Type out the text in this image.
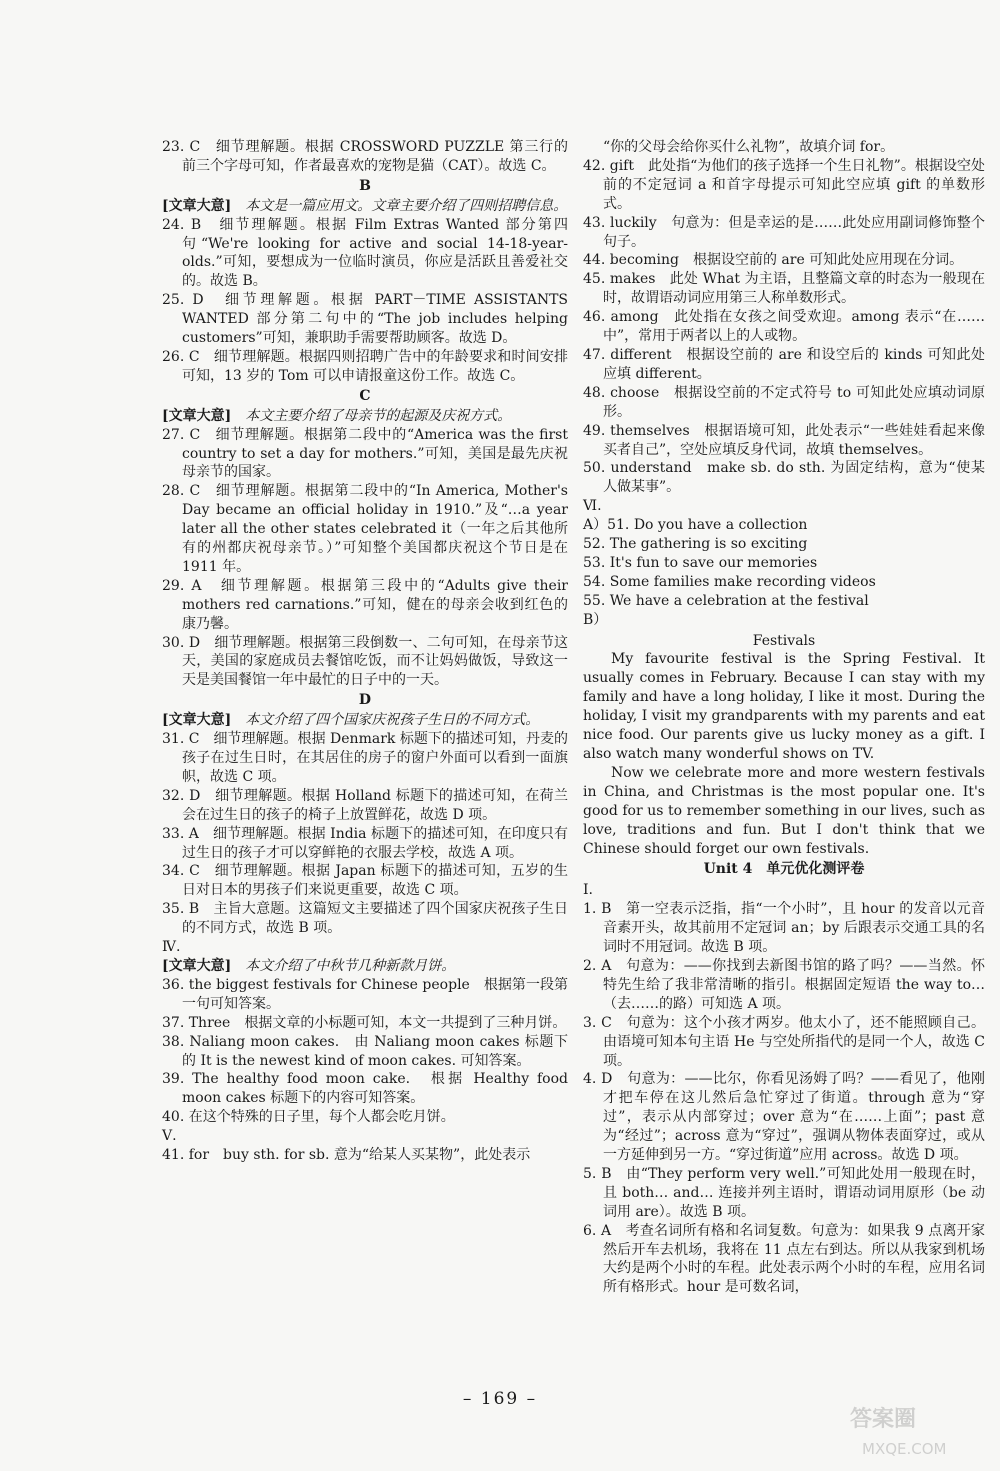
23. C　细节理解题。根据 CROSSWORD PUZZLE 第三行的前三个字母可知，作者最喜欢的宠物是猫（CAT）。故选 C。

B

[文章大意]　 本文是一篇应用文。文章主要介绍了四则招聘信息。

24. B　细节理解题。根据 Film Extras Wanted 部分第四句“We're looking for active and social 14-18-year-olds.”可知，要想成为一位临时演员，你应是活跃且善爱社交的。故选 B。

25. D　细节理解题。根据 PART－TIME ASSISTANTS WANTED 部分第二句中的“The job includes helping customers”可知，兼职助手需要帮助顾客。故选 D。

26. C　细节理解题。根据四则招聘广告中的年龄要求和时间安排可知，13 岁的 Tom 可以申请报童这份工作。故选 C。

C

[文章大意]　 本文主要介绍了母亲节的起源及庆祝方式。

27. C　细节理解题。根据第二段中的“America was the first country to set a day for mothers.”可知，美国是最先庆祝母亲节的国家。

28. C　细节理解题。根据第二段中的“In America, Mother's Day became an official holiday in 1910.”及“…a year later all the other states celebrated it（一年之后其他所有的州都庆祝母亲节。）”可知整个美国都庆祝这个节日是在 1911 年。

29. A　细节理解题。根据第三段中的“Adults give their mothers red carnations.”可知，健在的母亲会收到红色的康乃馨。

30. D　细节理解题。根据第三段倒数一、二句可知，在母亲节这天，美国的家庭成员去餐馆吃饭，而不让妈妈做饭，导致这一天是美国餐馆一年中最忙的日子中的一天。

D

[文章大意]　 本文介绍了四个国家庆祝孩子生日的不同方式。

31. C　细节理解题。根据 Denmark 标题下的描述可知，丹麦的孩子在过生日时，在其居住的房子的窗户外面可以看到一面旗帜，故选 C 项。

32. D　细节理解题。根据 Holland 标题下的描述可知，在荷兰会在过生日的孩子的椅子上放置鲜花，故选 D 项。

33. A　细节理解题。根据 India 标题下的描述可知，在印度只有过生日的孩子才可以穿鲜艳的衣服去学校，故选 A 项。

34. C　细节理解题。根据 Japan 标题下的描述可知，五岁的生日对日本的男孩子们来说更重要，故选 C 项。

35. B　主旨大意题。这篇短文主要描述了四个国家庆祝孩子生日的不同方式，故选 B 项。

Ⅳ.

[文章大意]　 本文介绍了中秋节几种新款月饼。

36. the biggest festivals for Chinese people　根据第一段第一句可知答案。

37. Three　根据文章的小标题可知，本文一共提到了三种月饼。

38. Naliang moon cakes.　由 Naliang moon cakes 标题下的 It is the newest kind of moon cakes. 可知答案。

39. The healthy food moon cake.　根据 Healthy food moon cakes 标题下的内容可知答案。

40. 在这个特殊的日子里，每个人都会吃月饼。

Ⅴ.

41. for　buy sth. for sb. 意为“给某人买某物”，此处表示

“你的父母会给你买什么礼物”，故填介词 for。

42. gift　此处指“为他们的孩子选择一个生日礼物”。根据设空处前的不定冠词 a 和首字母提示可知此空应填 gift 的单数形式。

43. luckily　句意为：但是幸运的是……此处应用副词修饰整个句子。

44. becoming　根据设空前的 are 可知此处应用现在分词。

45. makes　此处 What 为主语，且整篇文章的时态为一般现在时，故谓语动词应用第三人称单数形式。

46. among　此处指在女孩之间受欢迎。among 表示“在……中”，常用于两者以上的人或物。

47. different　根据设空前的 are 和设空后的 kinds 可知此处应填 different。

48. choose　根据设空前的不定式符号 to 可知此处应填动词原形。

49. themselves　根据语境可知，此处表示“一些娃娃看起来像买者自己”，空处应填反身代词，故填 themselves。

50. understand　make sb. do sth. 为固定结构，意为“使某人做某事”。

Ⅵ.

A）51. Do you have a collection

52. The gathering is so exciting

53. It's fun to save our memories

54. Some families make recording videos

55. We have a celebration at the festival

B）

Festivals

My favourite festival is the Spring Festival. It usually comes in February. Because I can stay with my family and have a long holiday, I like it most. During the holiday, I visit my grandparents with my parents and eat nice food. Our parents give us lucky money as a gift. I also watch many wonderful shows on TV.

Now we celebrate more and more western festivals in China, and Christmas is the most popular one. It's good for us to remember something in our lives, such as love, traditions and fun. But I don't think that we Chinese should forget our own festivals.

Unit 4　单元优化测评卷
Ⅰ.

1. B　第一空表示泛指，指“一个小时”，且 hour 的发音以元音音素开头，故其前用不定冠词 an；by 后跟表示交通工具的名词时不用冠词。故选 B 项。

2. A　句意为：——你找到去新图书馆的路了吗？——当然。怀特先生给了我非常清晰的指引。根据固定短语 the way to…（去……的路）可知选 A 项。

3. C　句意为：这个小孩才两岁。他太小了，还不能照顾自己。由语境可知本句主语 He 与空处所指代的是同一个人，故选 C 项。

4. D　句意为：——比尔，你看见汤姆了吗？——看见了，他刚才把车停在这儿然后急忙穿过了街道。through 意为“穿过”，表示从内部穿过；over 意为“在……上面”；past 意为“经过”；across 意为“穿过”，强调从物体表面穿过，或从一方延伸到另一方。“穿过街道”应用 across。故选 D 项。

5. B　由“They perform very well.”可知此处用一般现在时，且 both… and… 连接并列主语时，谓语动词用原形（be 动词用 are）。故选 B 项。

6. A　考查名词所有格和名词复数。句意为：如果我 9 点离开家然后开车去机场，我将在 11 点左右到达。所以从我家到机场大约是两个小时的车程。此处表示两个小时的车程，应用名词所有格形式。hour 是可数名词，

– 169 –
答案圈
MXQE.COM
